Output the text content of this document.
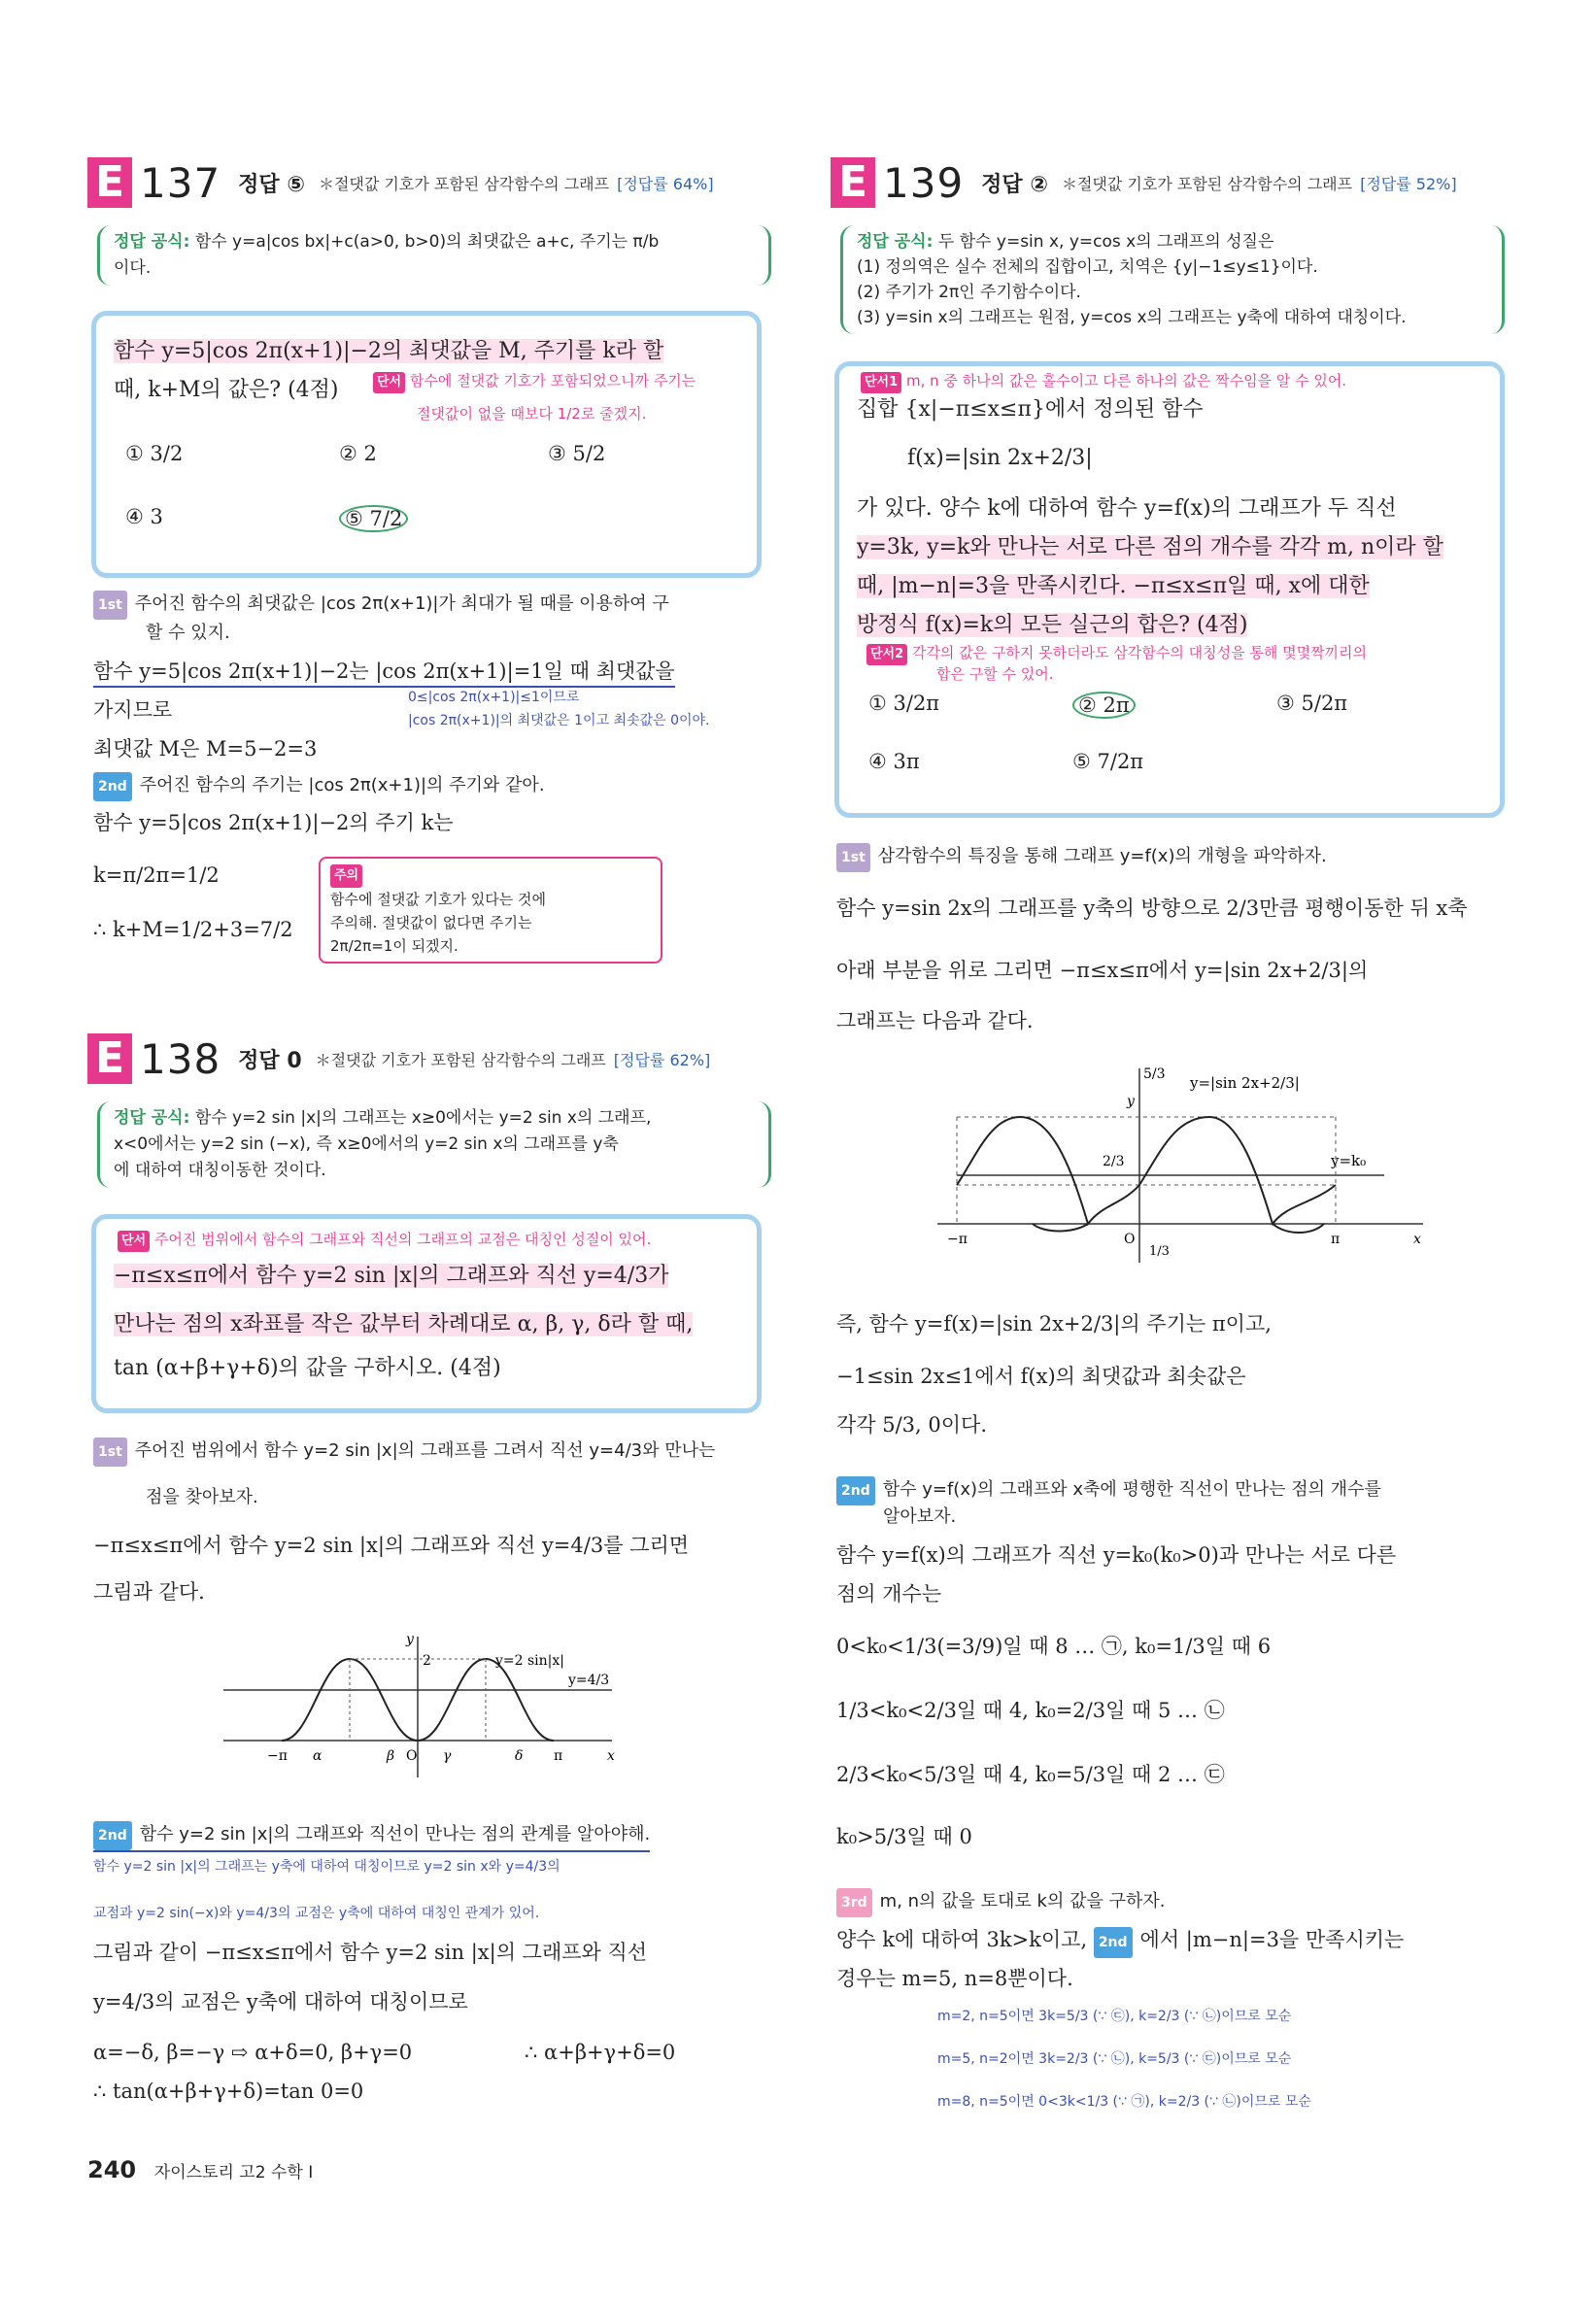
E 137 정답 ⑤ ＊절댓값 기호가 포함된 삼각함수의 그래프 [정답률 64%]
정답 공식: 함수 y=a|cos bx|+c(a>0, b>0)의 최댓값은 a+c, 주기는 π/b
이다.
함수 y=5|cos 2π(x+1)|−2의 최댓값을 M, 주기를 k라 할
때, k+M의 값은? (4점)	단서 함수에 절댓값 기호가 포함되었으니까 주기는
절댓값이 없을 때보다 1/2로 줄겠지.
① 3/2	② 2	③ 5/2
④ 3	⑤ 7/2
1st 주어진 함수의 최댓값은 |cos 2π(x+1)|가 최대가 될 때를 이용하여 구
할 수 있지.
함수 y=5|cos 2π(x+1)|−2는 |cos 2π(x+1)|=1일 때 최댓값을
0≤|cos 2π(x+1)|≤1이므로
가지므로	|cos 2π(x+1)|의 최댓값은 1이고 최솟값은 0이야.
최댓값 M은 M=5−2=3
2nd 주어진 함수의 주기는 |cos 2π(x+1)|의 주기와 같아.
함수 y=5|cos 2π(x+1)|−2의 주기 k는
k=π/2π=1/2	주의
함수에 절댓값 기호가 있다는 것에
주의해. 절댓값이 없다면 주기는
2π/2π=1이 되겠지.
∴ k+M=1/2+3=7/2
E 138 정답 0 ＊절댓값 기호가 포함된 삼각함수의 그래프 [정답률 62%]
정답 공식: 함수 y=2 sin |x|의 그래프는 x≥0에서는 y=2 sin x의 그래프,
x<0에서는 y=2 sin (−x), 즉 x≥0에서의 y=2 sin x의 그래프를 y축
에 대하여 대칭이동한 것이다.
단서 주어진 범위에서 함수의 그래프와 직선의 그래프의 교점은 대칭인 성질이 있어.
−π≤x≤π에서 함수 y=2 sin |x|의 그래프와 직선 y=4/3가
만나는 점의 x좌표를 작은 값부터 차례대로 α, β, γ, δ라 할 때,
tan (α+β+γ+δ)의 값을 구하시오. (4점)
1st 주어진 범위에서 함수 y=2 sin |x|의 그래프를 그려서 직선 y=4/3와 만나는
점을 찾아보자.
−π≤x≤π에서 함수 y=2 sin |x|의 그래프와 직선 y=4/3를 그리면
그림과 같다.
y
2	y=2 sin|x|
y=4/3
−π α	β O γ	δ π	x
2nd 함수 y=2 sin |x|의 그래프와 직선이 만나는 점의 관계를 알아야해.
함수 y=2 sin |x|의 그래프는 y축에 대하여 대칭이므로 y=2 sin x와 y=4/3의
교점과 y=2 sin(−x)와 y=4/3의 교점은 y축에 대하여 대칭인 관계가 있어.
그림과 같이 −π≤x≤π에서 함수 y=2 sin |x|의 그래프와 직선
y=4/3의 교점은 y축에 대하여 대칭이므로
α=−δ, β=−γ ⇨ α+δ=0, β+γ=0	∴ α+β+γ+δ=0
∴ tan(α+β+γ+δ)=tan 0=0
E 139 정답 ② ＊절댓값 기호가 포함된 삼각함수의 그래프 [정답률 52%]
정답 공식: 두 함수 y=sin x, y=cos x의 그래프의 성질은
(1) 정의역은 실수 전체의 집합이고, 치역은 {y|−1≤y≤1}이다.
(2) 주기가 2π인 주기함수이다.
(3) y=sin x의 그래프는 원점, y=cos x의 그래프는 y축에 대하여 대칭이다.
단서1 m, n 중 하나의 값은 홀수이고 다른 하나의 값은 짝수임을 알 수 있어.
집합 {x|−π≤x≤π}에서 정의된 함수
f(x)=|sin 2x+2/3|
가 있다. 양수 k에 대하여 함수 y=f(x)의 그래프가 두 직선
y=3k, y=k와 만나는 서로 다른 점의 개수를 각각 m, n이라 할
때, |m−n|=3을 만족시킨다. −π≤x≤π일 때, x에 대한
방정식 f(x)=k의 모든 실근의 합은? (4점)
단서2 각각의 값은 구하지 못하더라도 삼각함수의 대칭성을 통해 몇몇짝끼리의
합은 구할 수 있어.
① 3/2π	② 2π	③ 5/2π
④ 3π	⑤ 7/2π
1st 삼각함수의 특징을 통해 그래프 y=f(x)의 개형을 파악하자.
함수 y=sin 2x의 그래프를 y축의 방향으로 2/3만큼 평행이동한 뒤 x축
아래 부분을 위로 그리면 −π≤x≤π에서 y=|sin 2x+2/3|의
그래프는 다음과 같다.
y
5/3 y=|sin 2x+2/3|
2/3	y=k₀
−π	O
1/3
π	x
즉, 함수 y=f(x)=|sin 2x+2/3|의 주기는 π이고,
−1≤sin 2x≤1에서 f(x)의 최댓값과 최솟값은
각각 5/3, 0이다.
2nd 함수 y=f(x)의 그래프와 x축에 평행한 직선이 만나는 점의 개수를
알아보자.
함수 y=f(x)의 그래프가 직선 y=k₀(k₀>0)과 만나는 서로 다른
점의 개수는
0<k₀<1/3(=3/9)일 때 8 … ㉠, k₀=1/3일 때 6
1/3<k₀<2/3일 때 4, k₀=2/3일 때 5 … ㉡
2/3<k₀<5/3일 때 4, k₀=5/3일 때 2 … ㉢
k₀>5/3일 때 0
3rd m, n의 값을 토대로 k의 값을 구하자.
양수 k에 대하여 3k>k이고, 2nd 에서 |m−n|=3을 만족시키는
경우는 m=5, n=8뿐이다.
m=2, n=5이면 3k=5/3 (∵ ㉢), k=2/3 (∵ ㉡)이므로 모순
m=5, n=2이면 3k=2/3 (∵ ㉡), k=5/3 (∵ ㉢)이므로 모순
m=8, n=5이면 0<3k<1/3 (∵ ㉠), k=2/3 (∵ ㉡)이므로 모순
240 자이스토리 고2 수학 I
